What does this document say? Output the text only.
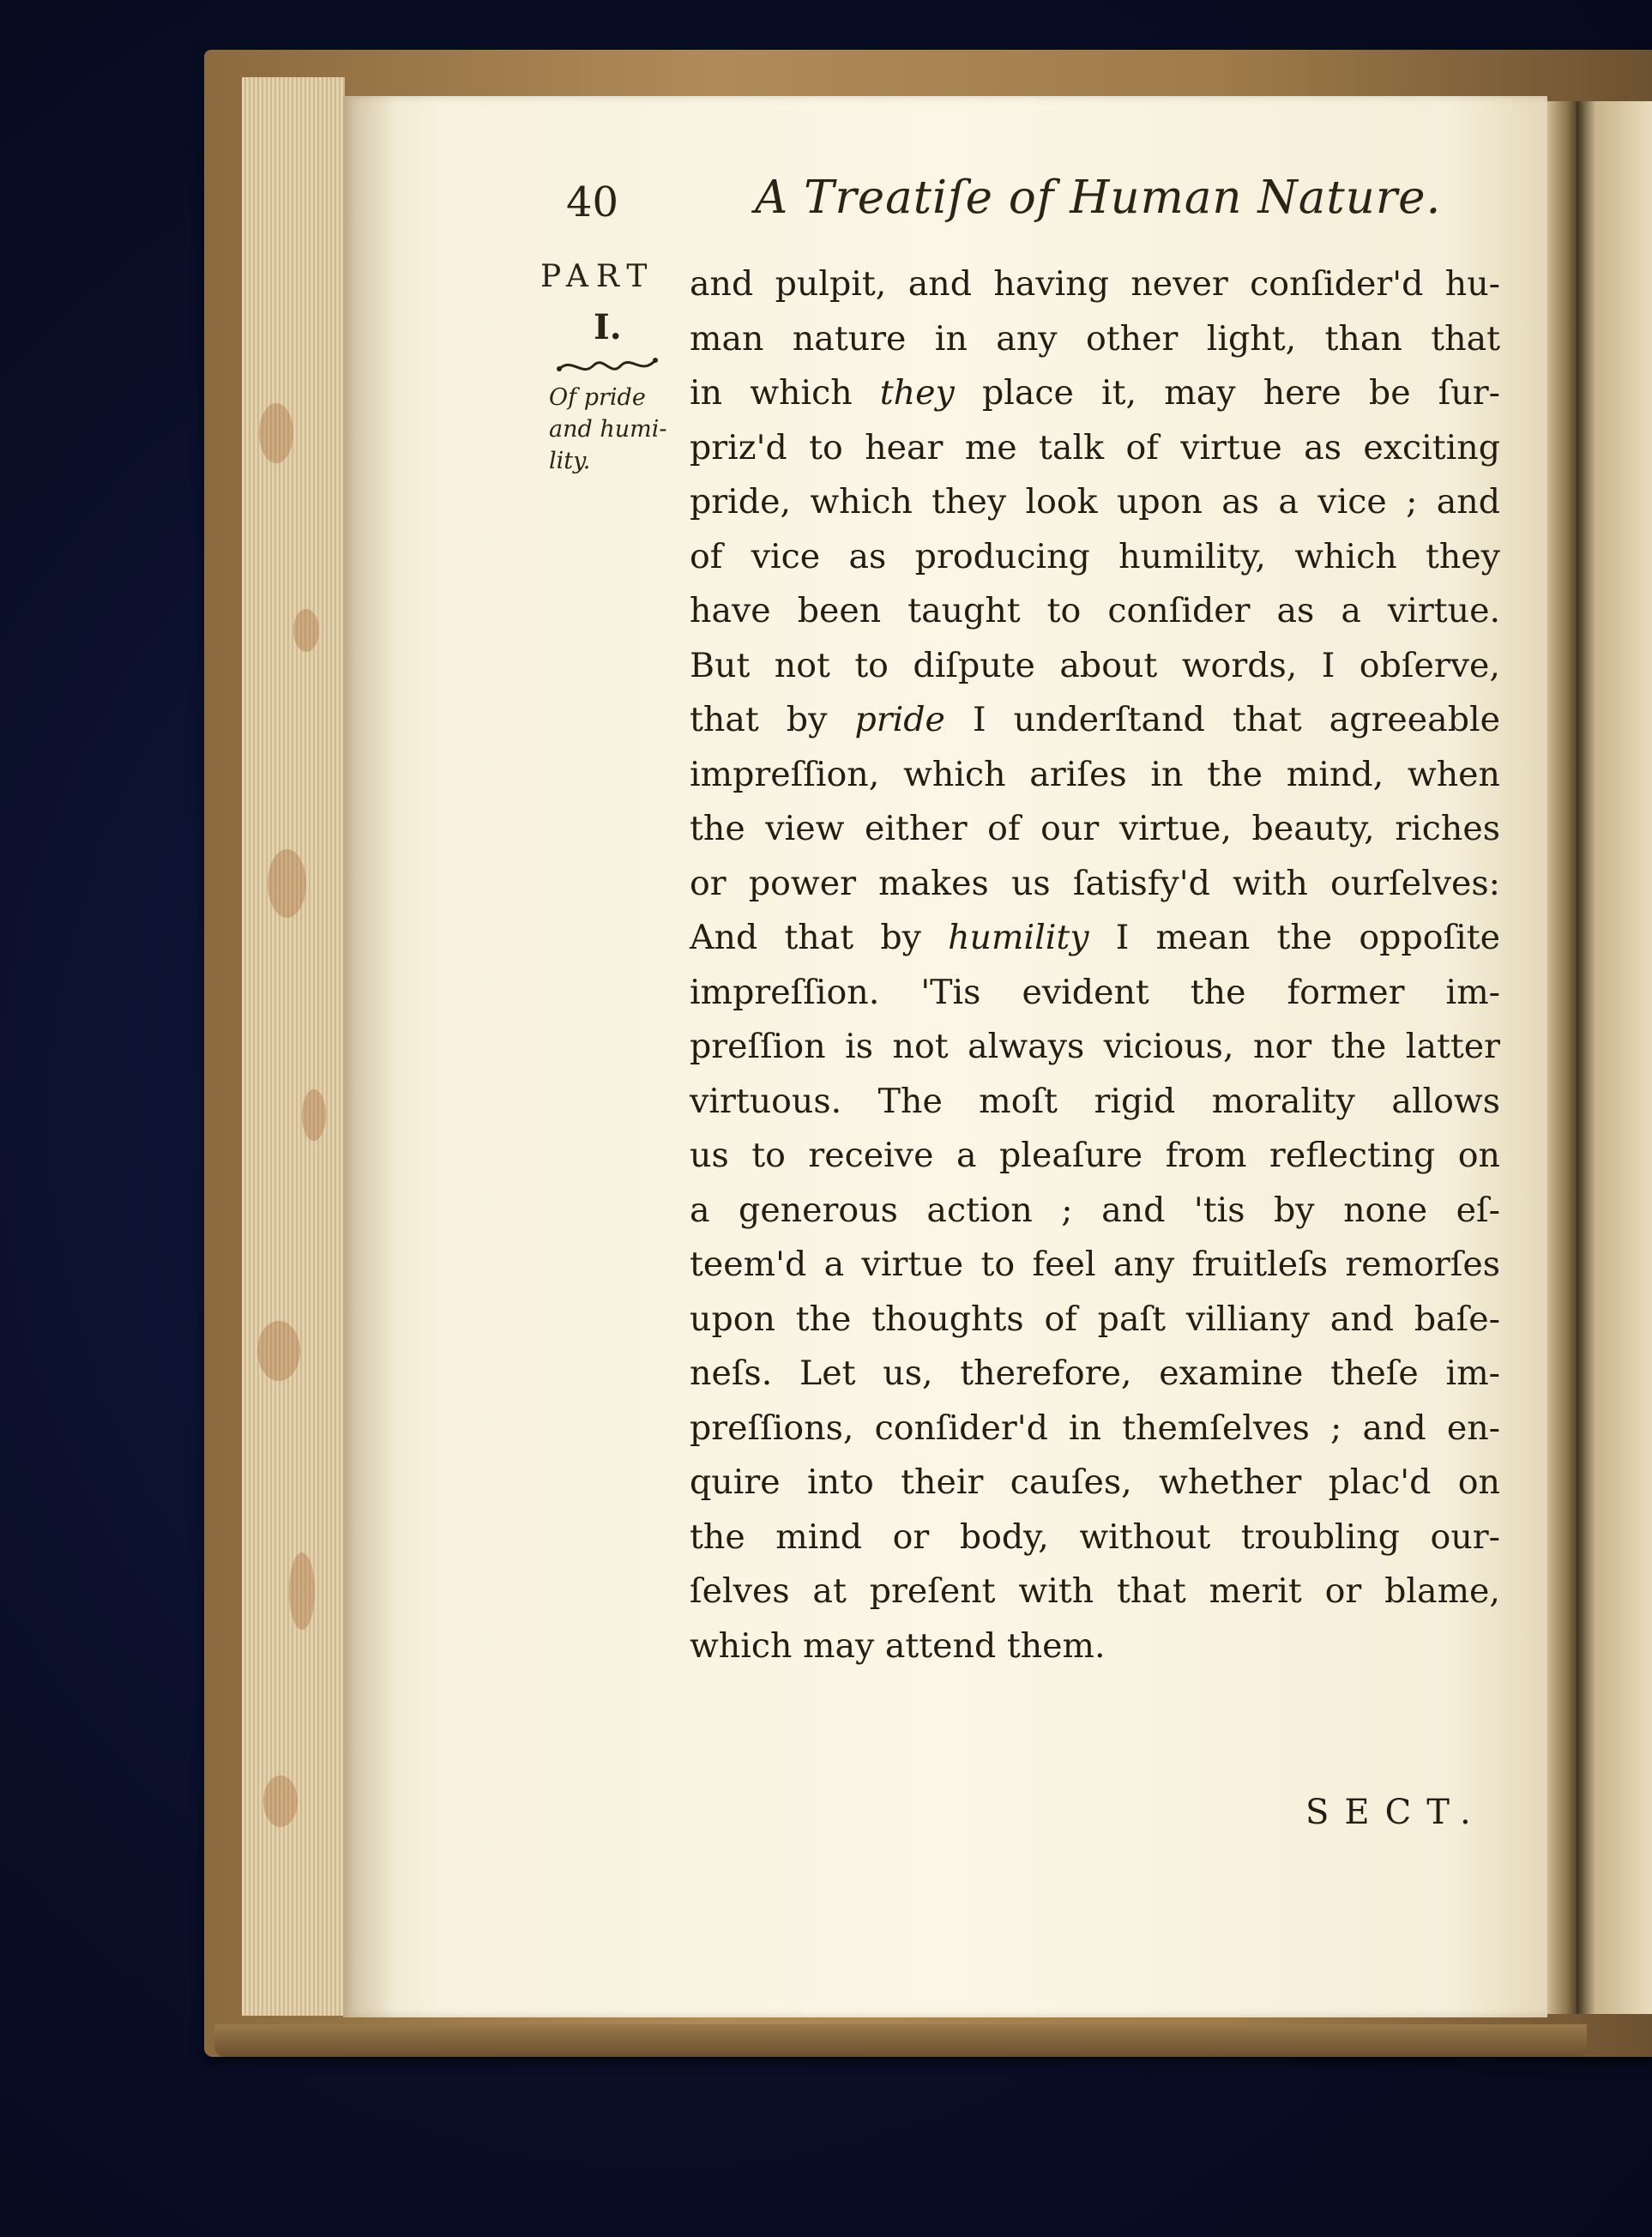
40	A Treatiſe of Human Nature.
PART
I.
Of pride
and humi-
lity.
and pulpit, and having never conſider'd hu-
man nature in any other light, than that
in which they place it, may here be ſur-
priz'd to hear me talk of virtue as exciting
pride, which they look upon as a vice ; and
of vice as producing humility, which they
have been taught to conſider as a virtue.
But not to diſpute about words, I obſerve,
that by pride I underſtand that agreeable
impreſſion, which ariſes in the mind, when
the view either of our virtue, beauty, riches
or power makes us ſatisfy'd with ourſelves:
And that by humility I mean the oppoſite
impreſſion. 'Tis evident the former im-
preſſion is not always vicious, nor the latter
virtuous. The moſt rigid morality allows
us to receive a pleaſure from reflecting on
a generous action ; and 'tis by none eſ-
teem'd a virtue to feel any fruitleſs remorſes
upon the thoughts of paſt villiany and baſe-
neſs. Let us, therefore, examine theſe im-
preſſions, conſider'd in themſelves ; and en-
quire into their cauſes, whether plac'd on
the mind or body, without troubling our-
ſelves at preſent with that merit or blame,
which may attend them.
SECT.
